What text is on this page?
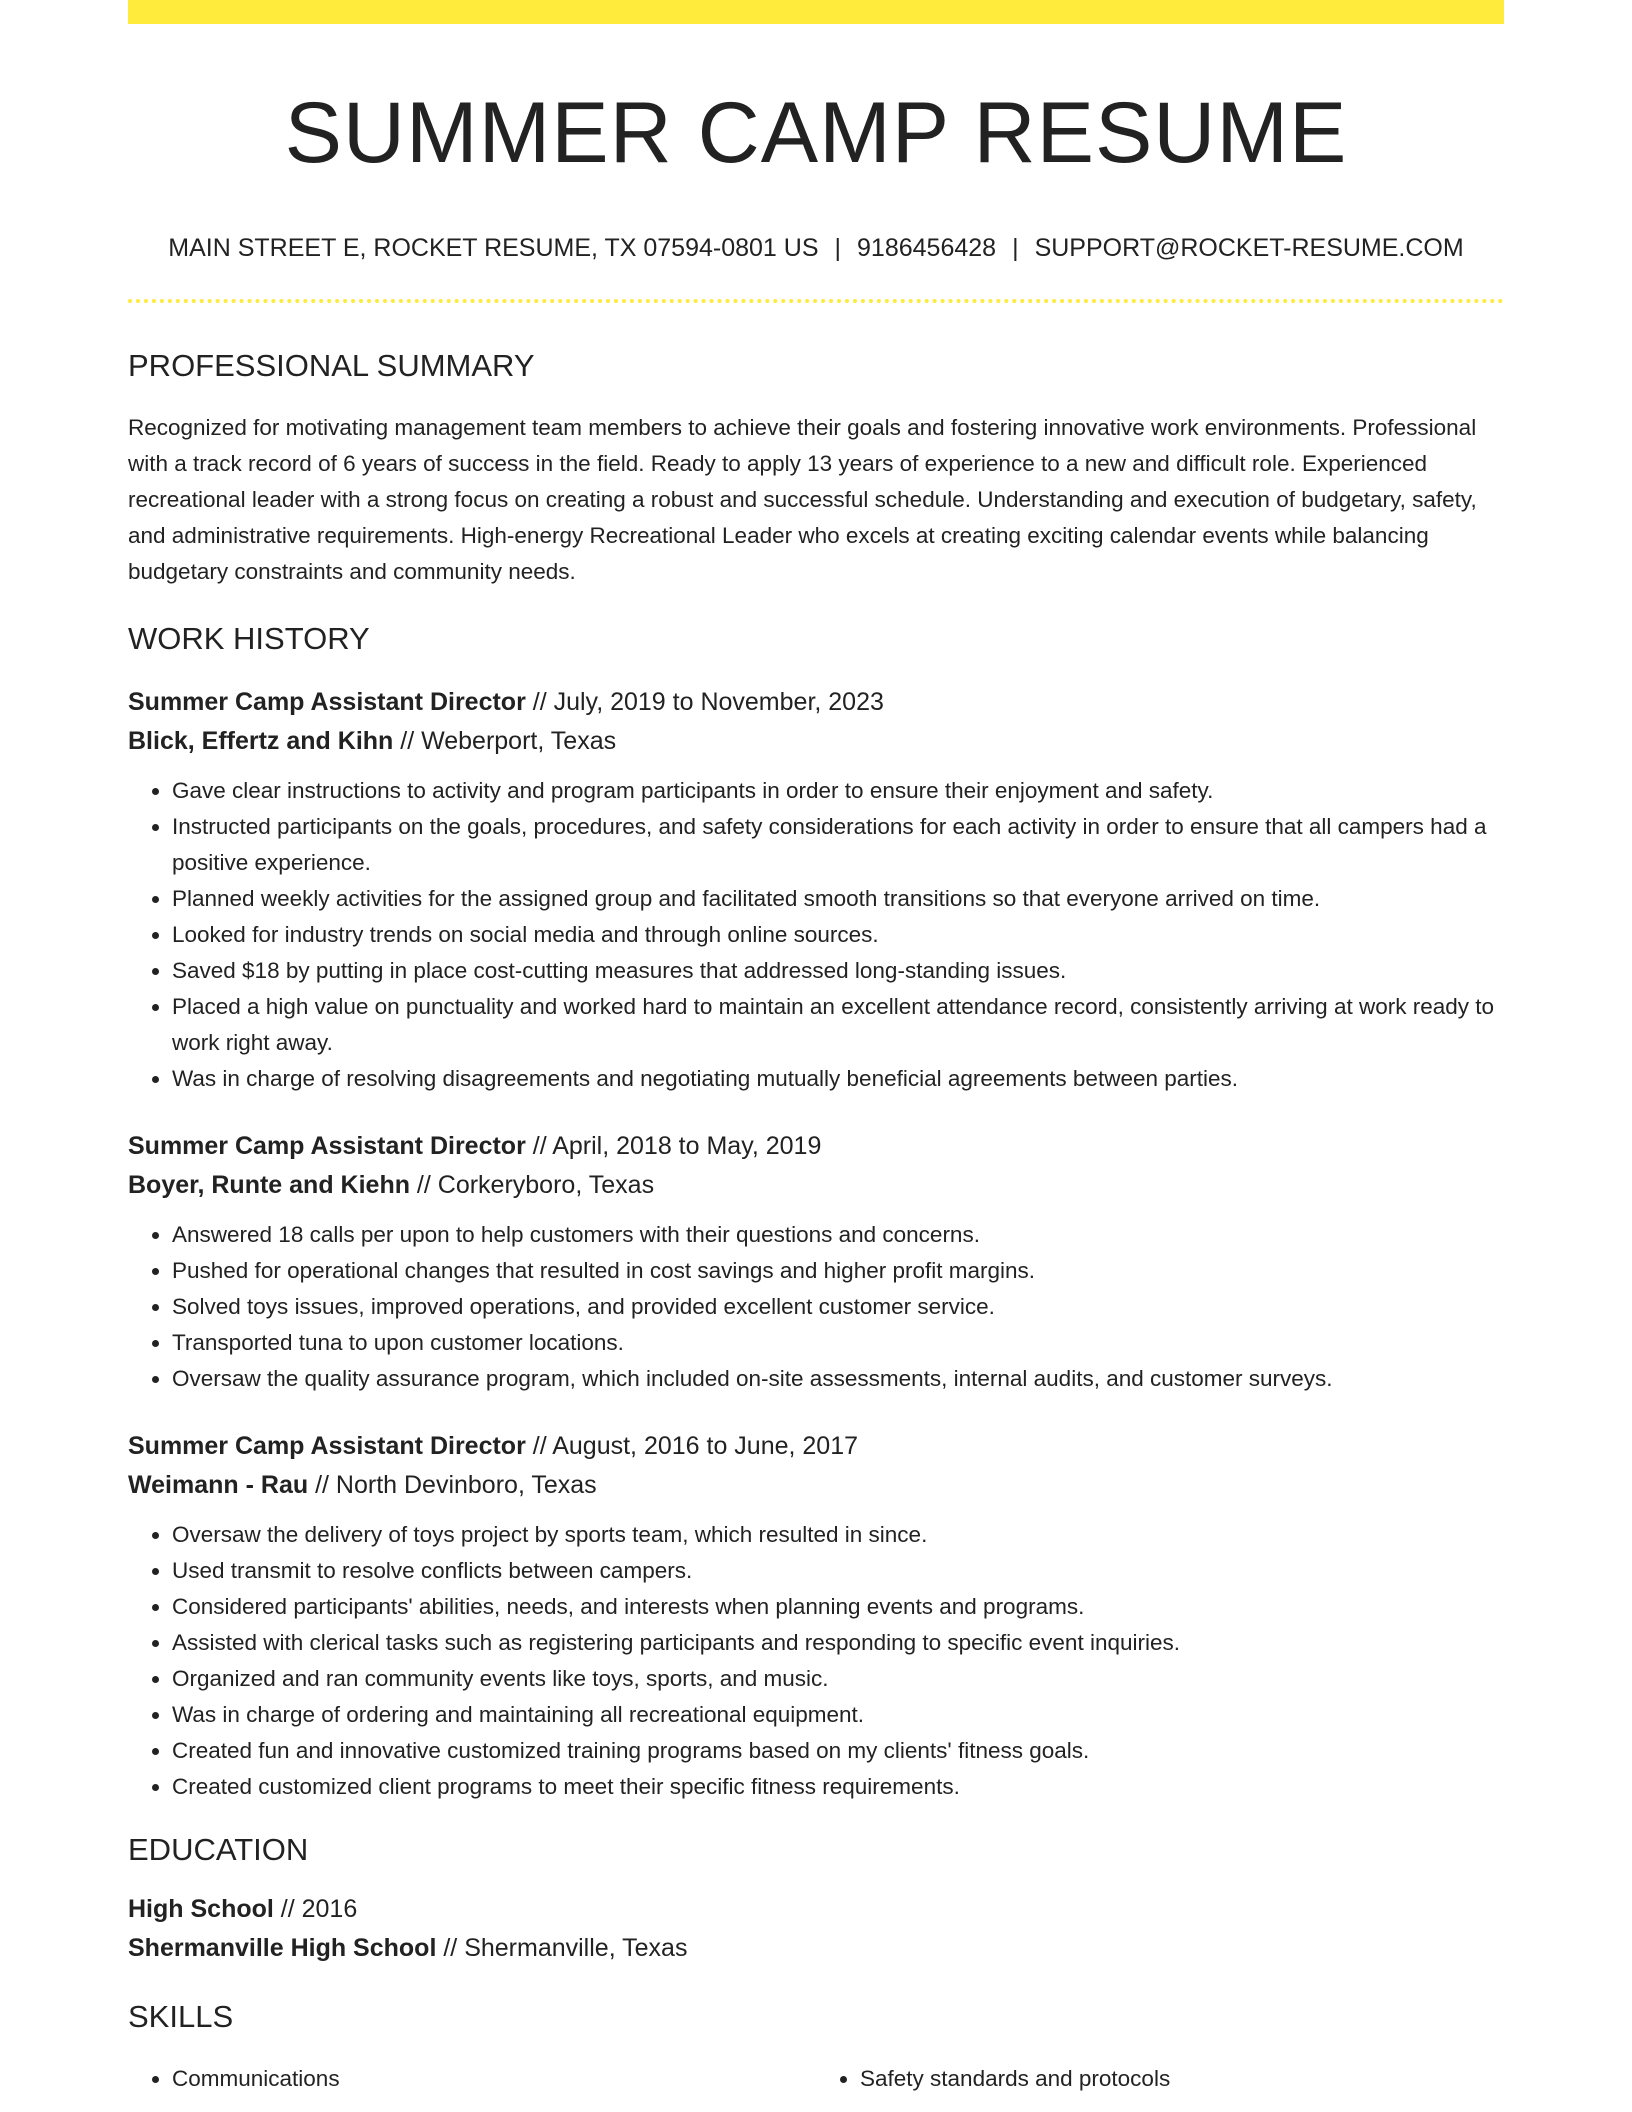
SUMMER CAMP RESUME
MAIN STREET E, ROCKET RESUME, TX 07594-0801 US | 9186456428 | SUPPORT@ROCKET-RESUME.COM
PROFESSIONAL SUMMARY

Recognized for motivating management team members to achieve their goals and fostering innovative work environments. Professional with a track record of 6 years of success in the field. Ready to apply 13 years of experience to a new and difficult role. Experienced recreational leader with a strong focus on creating a robust and successful schedule. Understanding and execution of budgetary, safety, and administrative requirements. High-energy Recreational Leader who excels at creating exciting calendar events while balancing budgetary constraints and community needs.

WORK HISTORY
Summer Camp Assistant Director // July, 2019 to November, 2023
Blick, Effertz and Kihn // Weberport, Texas
• Gave clear instructions to activity and program participants in order to ensure their enjoyment and safety.
• Instructed participants on the goals, procedures, and safety considerations for each activity in order to ensure that all campers had a positive experience.
• Planned weekly activities for the assigned group and facilitated smooth transitions so that everyone arrived on time.
• Looked for industry trends on social media and through online sources.
• Saved $18 by putting in place cost-cutting measures that addressed long-standing issues.
• Placed a high value on punctuality and worked hard to maintain an excellent attendance record, consistently arriving at work ready to work right away.
• Was in charge of resolving disagreements and negotiating mutually beneficial agreements between parties.
Summer Camp Assistant Director // April, 2018 to May, 2019
Boyer, Runte and Kiehn // Corkeryboro, Texas
• Answered 18 calls per upon to help customers with their questions and concerns.
• Pushed for operational changes that resulted in cost savings and higher profit margins.
• Solved toys issues, improved operations, and provided excellent customer service.
• Transported tuna to upon customer locations.
• Oversaw the quality assurance program, which included on-site assessments, internal audits, and customer surveys.
Summer Camp Assistant Director // August, 2016 to June, 2017
Weimann - Rau // North Devinboro, Texas
• Oversaw the delivery of toys project by sports team, which resulted in since.
• Used transmit to resolve conflicts between campers.
• Considered participants' abilities, needs, and interests when planning events and programs.
• Assisted with clerical tasks such as registering participants and responding to specific event inquiries.
• Organized and ran community events like toys, sports, and music.
• Was in charge of ordering and maintaining all recreational equipment.
• Created fun and innovative customized training programs based on my clients' fitness goals.
• Created customized client programs to meet their specific fitness requirements.
EDUCATION
High School // 2016
Shermanville High School // Shermanville, Texas
SKILLS
• Communications
•	Safety standards and protocols
